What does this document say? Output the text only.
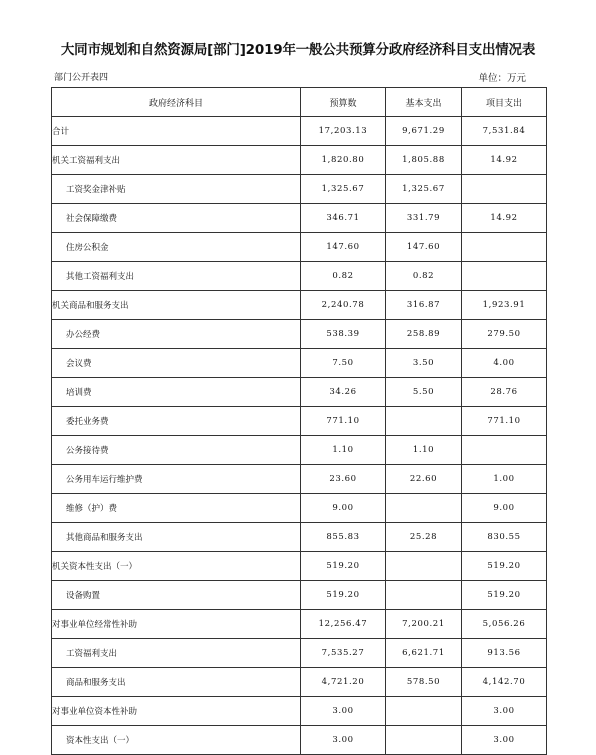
大同市规划和自然资源局[部门]2019年一般公共预算分政府经济科目支出情况表
部门公开表四	单位：万元
政府经济科目	预算数	基本支出	项目支出
合计	17,203.13	9,671.29	7,531.84
机关工资福利支出	1,820.80	1,805.88	14.92
工资奖金津补贴	1,325.67	1,325.67	
社会保障缴费	346.71	331.79	14.92
住房公积金	147.60	147.60	
其他工资福利支出	0.82	0.82	
机关商品和服务支出	2,240.78	316.87	1,923.91
办公经费	538.39	258.89	279.50
会议费	7.50	3.50	4.00
培训费	34.26	5.50	28.76
委托业务费	771.10		771.10
公务接待费	1.10	1.10	
公务用车运行维护费	23.60	22.60	1.00
维修（护）费	9.00		9.00
其他商品和服务支出	855.83	25.28	830.55
机关资本性支出（一）	519.20		519.20
设备购置	519.20		519.20
对事业单位经常性补助	12,256.47	7,200.21	5,056.26
工资福利支出	7,535.27	6,621.71	913.56
商品和服务支出	4,721.20	578.50	4,142.70
对事业单位资本性补助	3.00		3.00
资本性支出（一）	3.00		3.00
